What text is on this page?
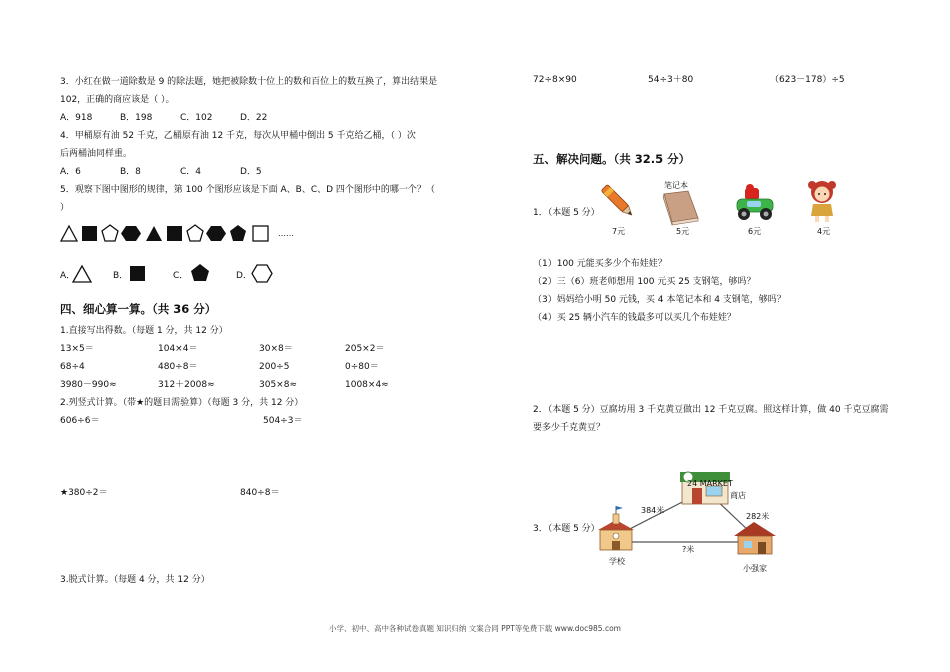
3．小红在做一道除数是 9 的除法题，她把被除数十位上的数和百位上的数互换了，算出结果是
102，正确的商应该是（ ）。
A．918	B．198	C．102	D．22
4．甲桶原有油 52 千克，乙桶原有油 12 千克，每次从甲桶中倒出 5 千克给乙桶，（ ）次
后两桶油同样重。
A．6	B．8	C．4	D．5
5．观察下图中图形的规律，第 100 个图形应该是下面 A、B、C、D 四个图形中的哪一个？（
）
……
A．	B．	C．	D．
四、细心算一算。（共 36 分）
1.直接写出得数。（每题 1 分，共 12 分）
13×5＝	104×4＝	30×8＝	205×2＝
68÷4	480÷8＝	200÷5	0÷80＝
3980－990≈	312＋2008≈	305×8≈	1008×4≈
2.列竖式计算。（带★的题目需验算）（每题 3 分，共 12 分）
606÷6＝	504÷3＝
★380÷2＝	840÷8＝
3.脱式计算。（每题 4 分，共 12 分）
72÷8×90	54÷3＋80	（623－178）÷5
五、解决问题。（共 32.5 分）
1．（本题 5 分）
7元
笔记本
5元	6元	4元
（1）100 元能买多少个布娃娃？
（2）三（6）班老师想用 100 元买 25 支钢笔，够吗？
（3）妈妈给小明 50 元钱，买 4 本笔记本和 4 支钢笔，够吗？
（4）买 25 辆小汽车的钱最多可以买几个布娃娃？
2．（本题 5 分）豆腐坊用 3 千克黄豆做出 12 千克豆腐。照这样计算，做 40 千克豆腐需
要多少千克黄豆？
3．（本题 5 分）
24 MARKET
商店
384米
282米
?米
学校
小强家
小学、初中、高中各种试卷真题 知识归纳 文案合同 PPT等免费下载 www.doc985.com
